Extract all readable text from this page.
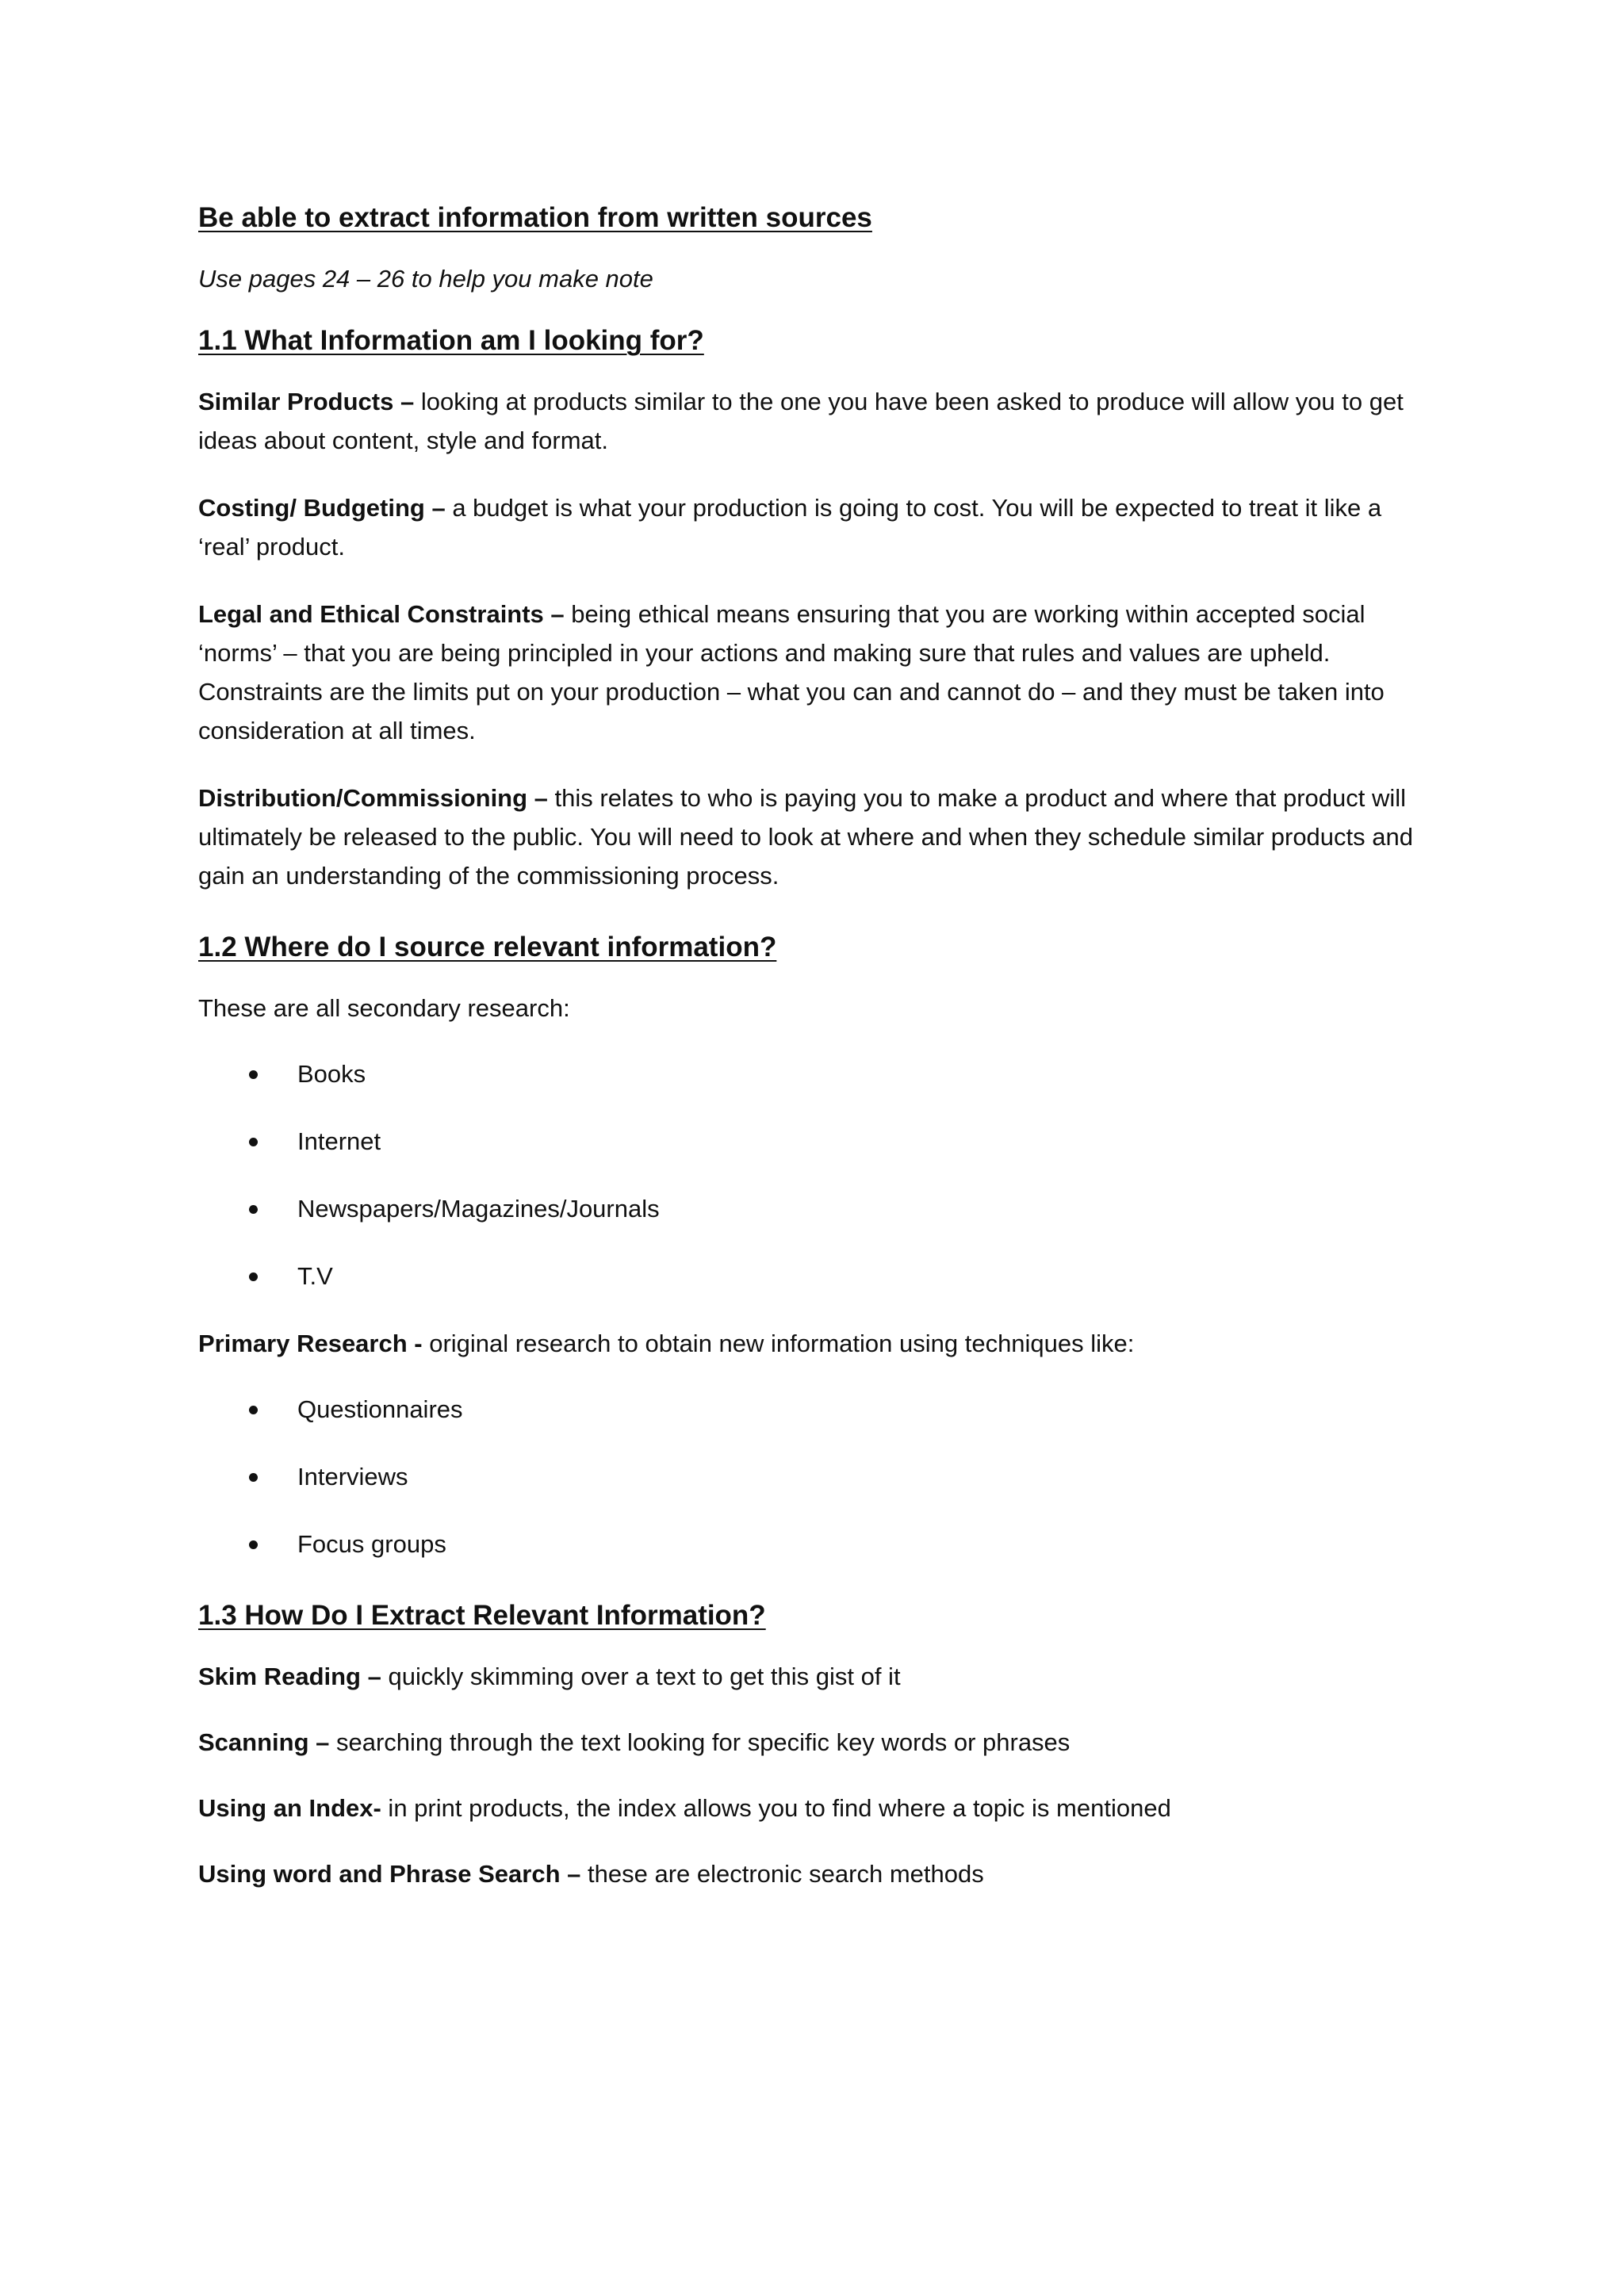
Be able to extract information from written sources

Use pages 24 – 26 to help you make note

1.1 What Information am I looking for?

Similar Products – looking at products similar to the one you have been asked to produce will allow you to get ideas about content, style and format.

Costing/ Budgeting – a budget is what your production is going to cost. You will be expected to treat it like a ‘real’ product.

Legal and Ethical Constraints – being ethical means ensuring that you are working within accepted social ‘norms’ – that you are being principled in your actions and making sure that rules and values are upheld. Constraints are the limits put on your production – what you can and cannot do – and they must be taken into consideration at all times.

Distribution/Commissioning – this relates to who is paying you to make a product and where that product will ultimately be released to the public. You will need to look at where and when they schedule similar products and gain an understanding of the commissioning process.

1.2 Where do I source relevant information?

These are all secondary research:

Books
Internet
Newspapers/Magazines/Journals
T.V

Primary Research - original research to obtain new information using techniques like:

Questionnaires
Interviews
Focus groups
1.3 How Do I Extract Relevant Information?

Skim Reading – quickly skimming over a text to get this gist of it

Scanning – searching through the text looking for specific key words or phrases

Using an Index- in print products, the index allows you to find where a topic is mentioned

Using word and Phrase Search – these are electronic search methods
